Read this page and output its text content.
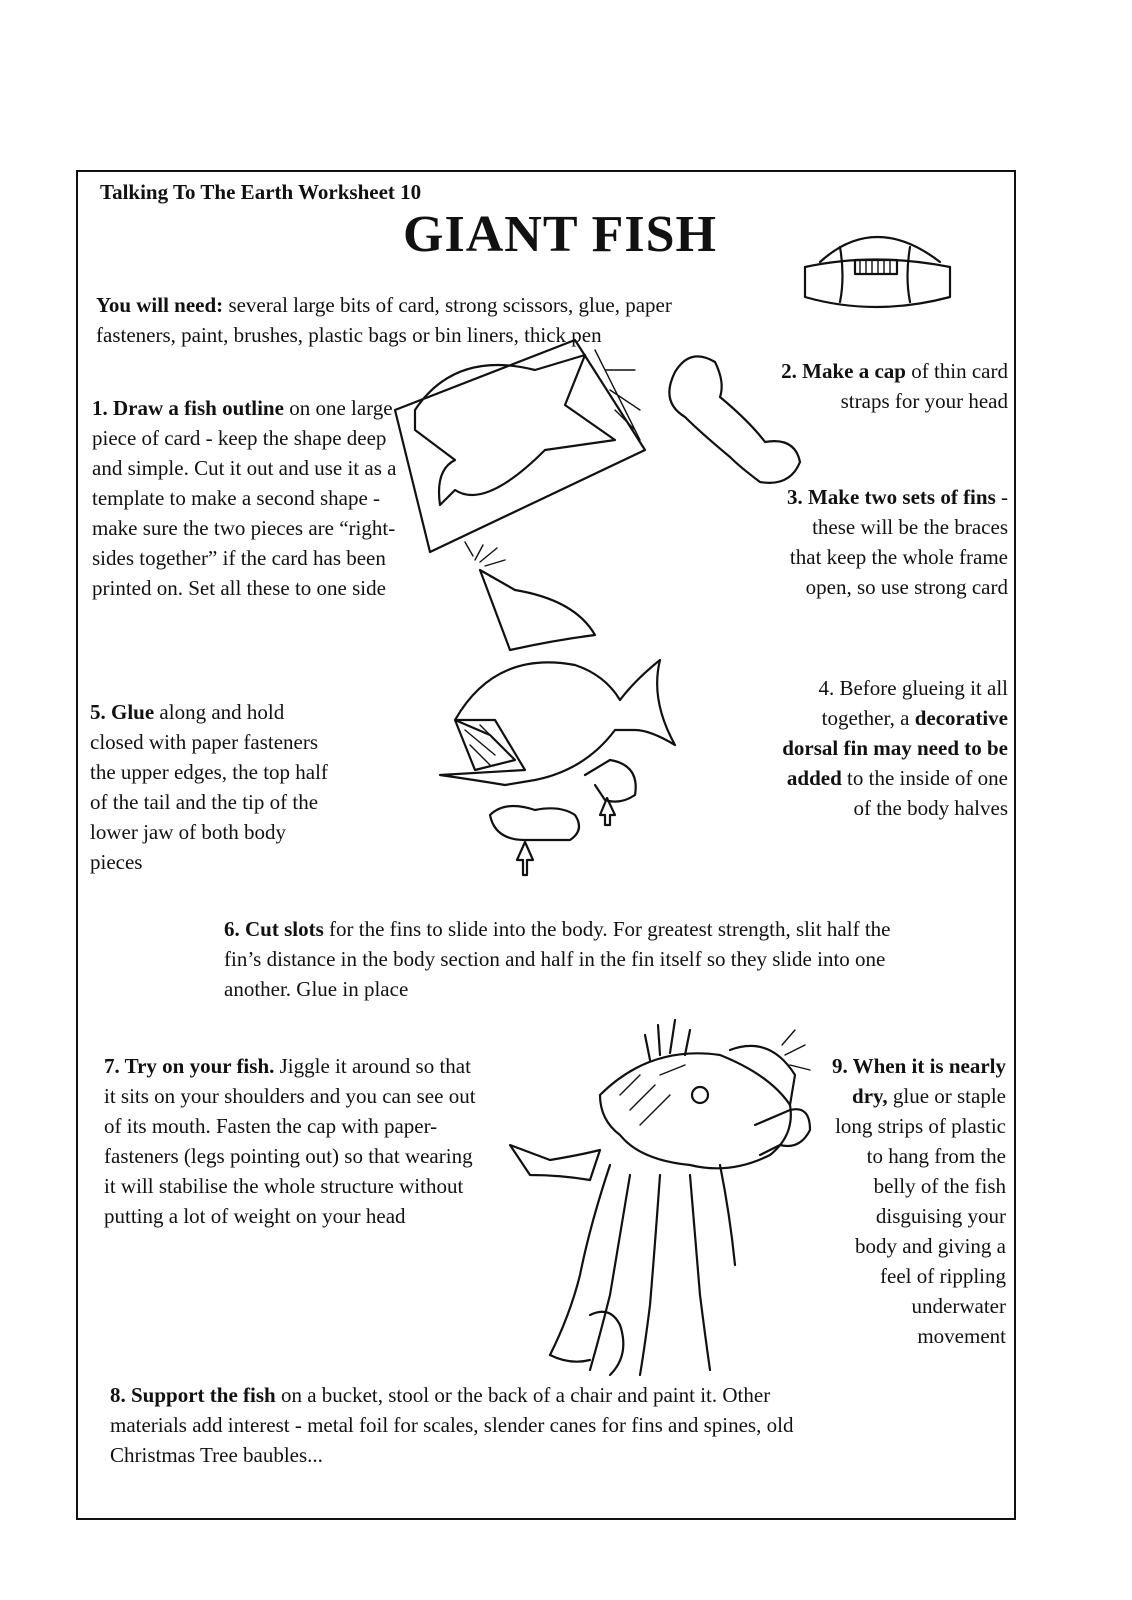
Talking To The Earth Worksheet 10
GIANT FISH
You will need: several large bits of card, strong scissors, glue, paper fasteners, paint, brushes, plastic bags or bin liners, thick pen
1. Draw a fish outline on one large piece of card - keep the shape deep and simple. Cut it out and use it as a template to make a second shape - make sure the two pieces are “right-sides together” if the card has been printed on. Set all these to one side
2. Make a cap of thin card straps for your head
3. Make two sets of fins - these will be the braces that keep the whole frame open, so use strong card
4. Before glueing it all together, a decorative dorsal fin may need to be added to the inside of one of the body halves
5. Glue along and hold closed with paper fasteners the upper edges, the top half of the tail and the tip of the lower jaw of both body pieces
6. Cut slots for the fins to slide into the body. For greatest strength, slit half the fin’s distance in the body section and half in the fin itself so they slide into one another. Glue in place
7. Try on your fish. Jiggle it around so that it sits on your shoulders and you can see out of its mouth. Fasten the cap with paper-fasteners (legs pointing out) so that wearing it will stabilise the whole structure without putting a lot of weight on your head
8. Support the fish on a bucket, stool or the back of a chair and paint it. Other materials add interest - metal foil for scales, slender canes for fins and spines, old Christmas Tree baubles...
9. When it is nearly dry, glue or staple long strips of plastic to hang from the belly of the fish disguising your body and giving a feel of rippling underwater movement
